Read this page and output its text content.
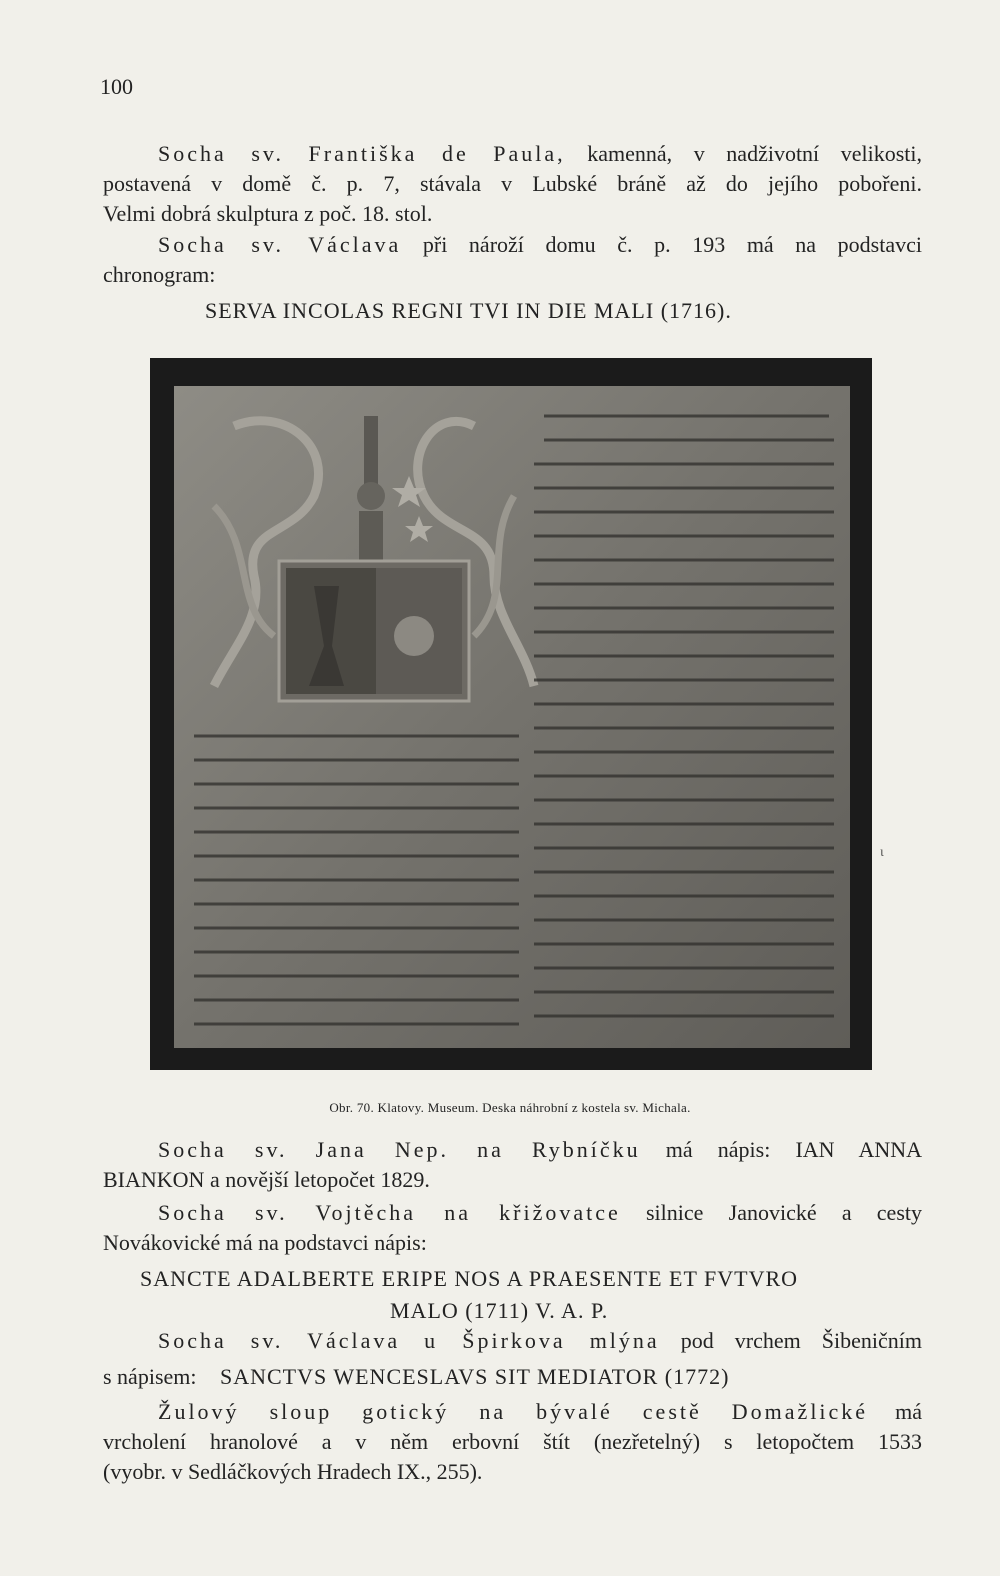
100
Socha sv. Františka de Paula, kamenná, v nadživotní velikosti,
postavená v domě č. p. 7, stávala v Lubské bráně až do jejího pobořeni.
Velmi dobrá skulptura z poč. 18. stol.
Socha sv. Václava při nároží domu č. p. 193 má na podstavci
chronogram:
SERVA INCOLAS REGNI TVI IN DIE MALI (1716).
ι
Obr. 70. Klatovy. Museum. Deska náhrobní z kostela sv. Michala.
Socha sv. Jana Nep. na Rybníčku má nápis: IAN ANNA
BIANKON a novější letopočet 1829.
Socha sv. Vojtěcha na křižovatce silnice Janovické a cesty
Novákovické má na podstavci nápis:
SANCTE ADALBERTE ERIPE NOS A PRAESENTE ET FVTVRO
MALO (1711) V. A. P.
Socha sv. Václava u Špirkova mlýna pod vrchem Šibeničním
s nápisem: SANCTVS WENCESLAVS SIT MEDIATOR (1772)
Žulový sloup gotický na bývalé cestě Domažlické má
vrcholení hranolové a v něm erbovní štít (nezřetelný) s letopočtem 1533
(vyobr. v Sedláčkových Hradech IX., 255).
